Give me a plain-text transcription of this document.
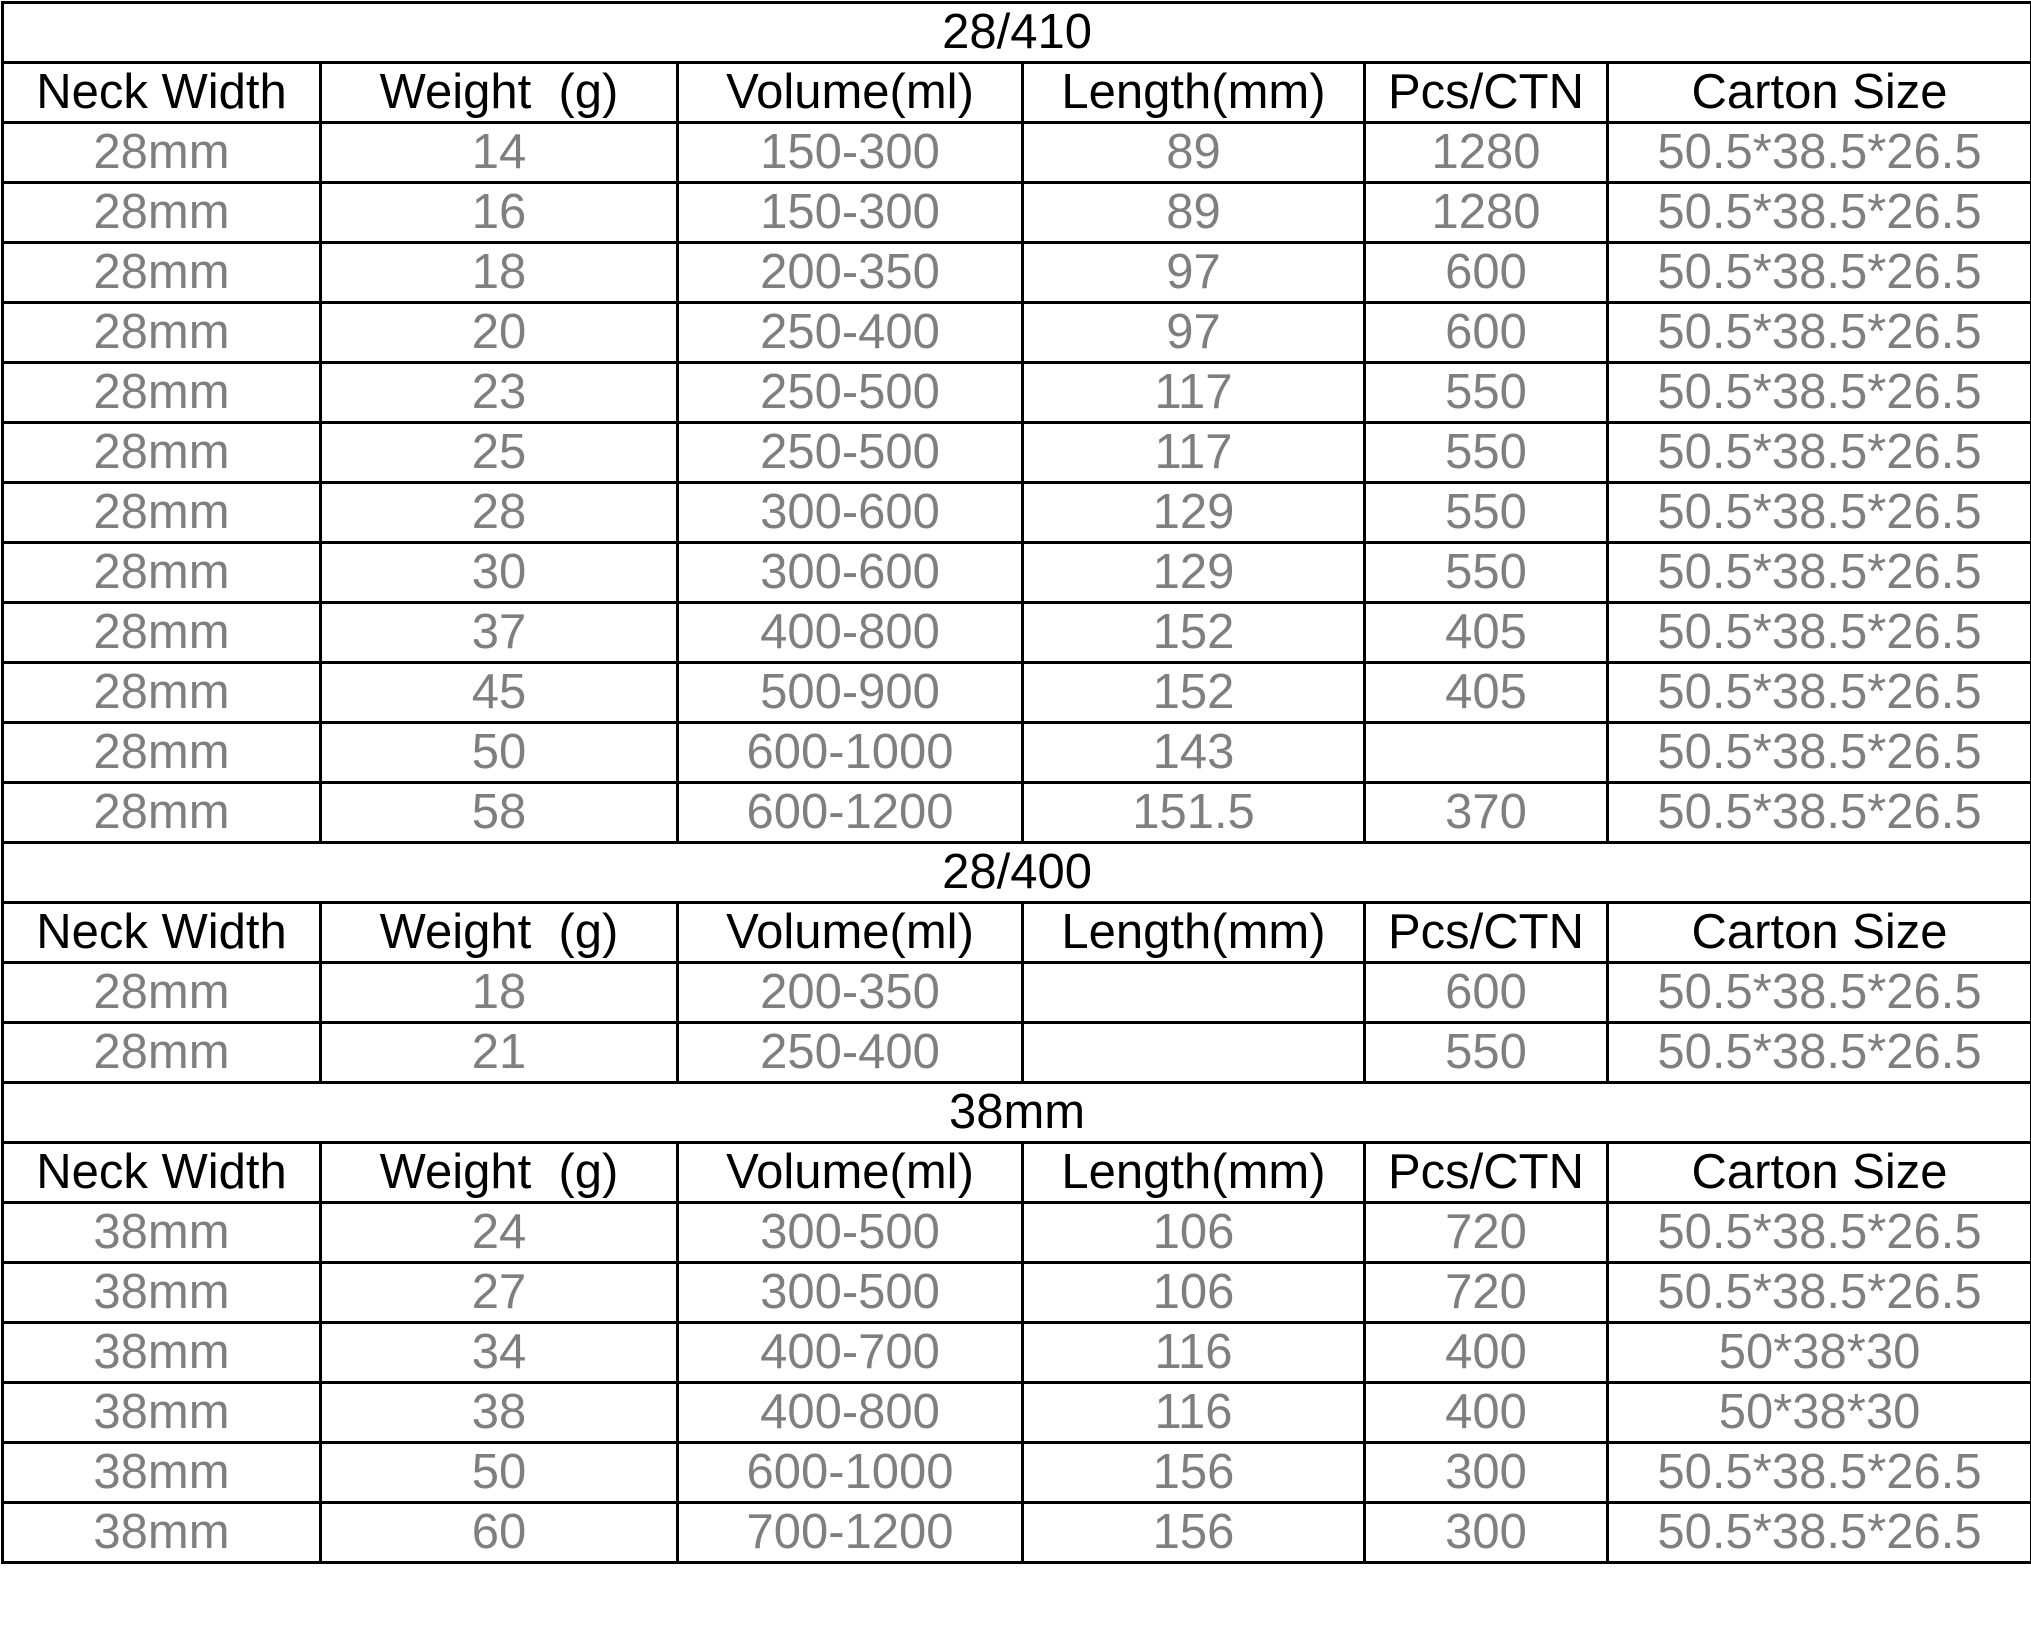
28/410					
Neck Width	Weight  (g)	Volume(ml)	Length(mm)	Pcs/CTN	Carton Size
28mm	14	150-300	89	1280	50.5*38.5*26.5
28mm	16	150-300	89	1280	50.5*38.5*26.5
28mm	18	200-350	97	600	50.5*38.5*26.5
28mm	20	250-400	97	600	50.5*38.5*26.5
28mm	23	250-500	117	550	50.5*38.5*26.5
28mm	25	250-500	117	550	50.5*38.5*26.5
28mm	28	300-600	129	550	50.5*38.5*26.5
28mm	30	300-600	129	550	50.5*38.5*26.5
28mm	37	400-800	152	405	50.5*38.5*26.5
28mm	45	500-900	152	405	50.5*38.5*26.5
28mm	50	600-1000	143		50.5*38.5*26.5
28mm	58	600-1200	151.5	370	50.5*38.5*26.5
28/400					
Neck Width	Weight  (g)	Volume(ml)	Length(mm)	Pcs/CTN	Carton Size
28mm	18	200-350		600	50.5*38.5*26.5
28mm	21	250-400		550	50.5*38.5*26.5
38mm					
Neck Width	Weight  (g)	Volume(ml)	Length(mm)	Pcs/CTN	Carton Size
38mm	24	300-500	106	720	50.5*38.5*26.5
38mm	27	300-500	106	720	50.5*38.5*26.5
38mm	34	400-700	116	400	50*38*30
38mm	38	400-800	116	400	50*38*30
38mm	50	600-1000	156	300	50.5*38.5*26.5
38mm	60	700-1200	156	300	50.5*38.5*26.5
